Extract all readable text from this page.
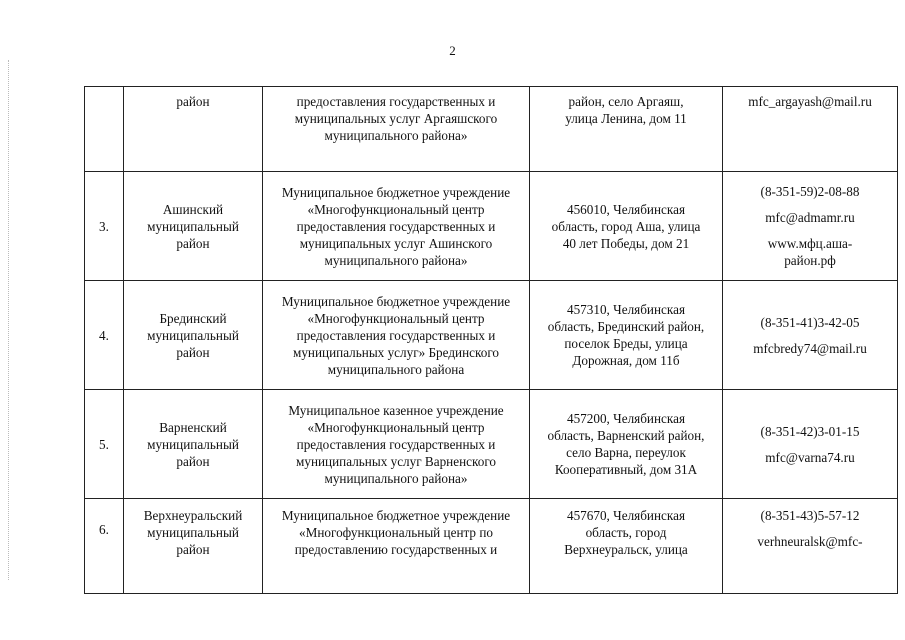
2

	район	предоставления государственных и
муниципальных услуг Аргаяшского
муниципального района»	район, село Аргаяш,
улица Ленина, дом 11	mfc_argayash@mail.ru

3.	Ашинский
муниципальный
район	Муниципальное бюджетное учреждение
«Многофункциональный центр
предоставления государственных и
муниципальных услуг Ашинского
муниципального района»	456010, Челябинская
область, город Аша, улица
40 лет Победы, дом 21	(8-351-59)2-08-88
mfc@admamr.ru
www.мфц.аша-
район.рф

4.	Брединский
муниципальный
район	Муниципальное бюджетное учреждение
«Многофункциональный центр
предоставления государственных и
муниципальных услуг» Брединского
муниципального района	457310, Челябинская
область, Брединский район,
поселок Бреды, улица
Дорожная, дом 11б	(8-351-41)3-42-05
mfcbredy74@mail.ru

5.	Варненский
муниципальный
район	Муниципальное казенное учреждение
«Многофункциональный центр
предоставления государственных и
муниципальных услуг Варненского
муниципального района»	457200, Челябинская
область, Варненский район,
село Варна, переулок
Кооперативный, дом 31А	(8-351-42)3-01-15
mfc@varna74.ru

6.	Верхнеуральский
муниципальный
район	Муниципальное бюджетное учреждение
«Многофункциональный центр по
предоставлению государственных и	457670, Челябинская
область, город
Верхнеуральск, улица	(8-351-43)5-57-12
verhneuralsk@mfc-
